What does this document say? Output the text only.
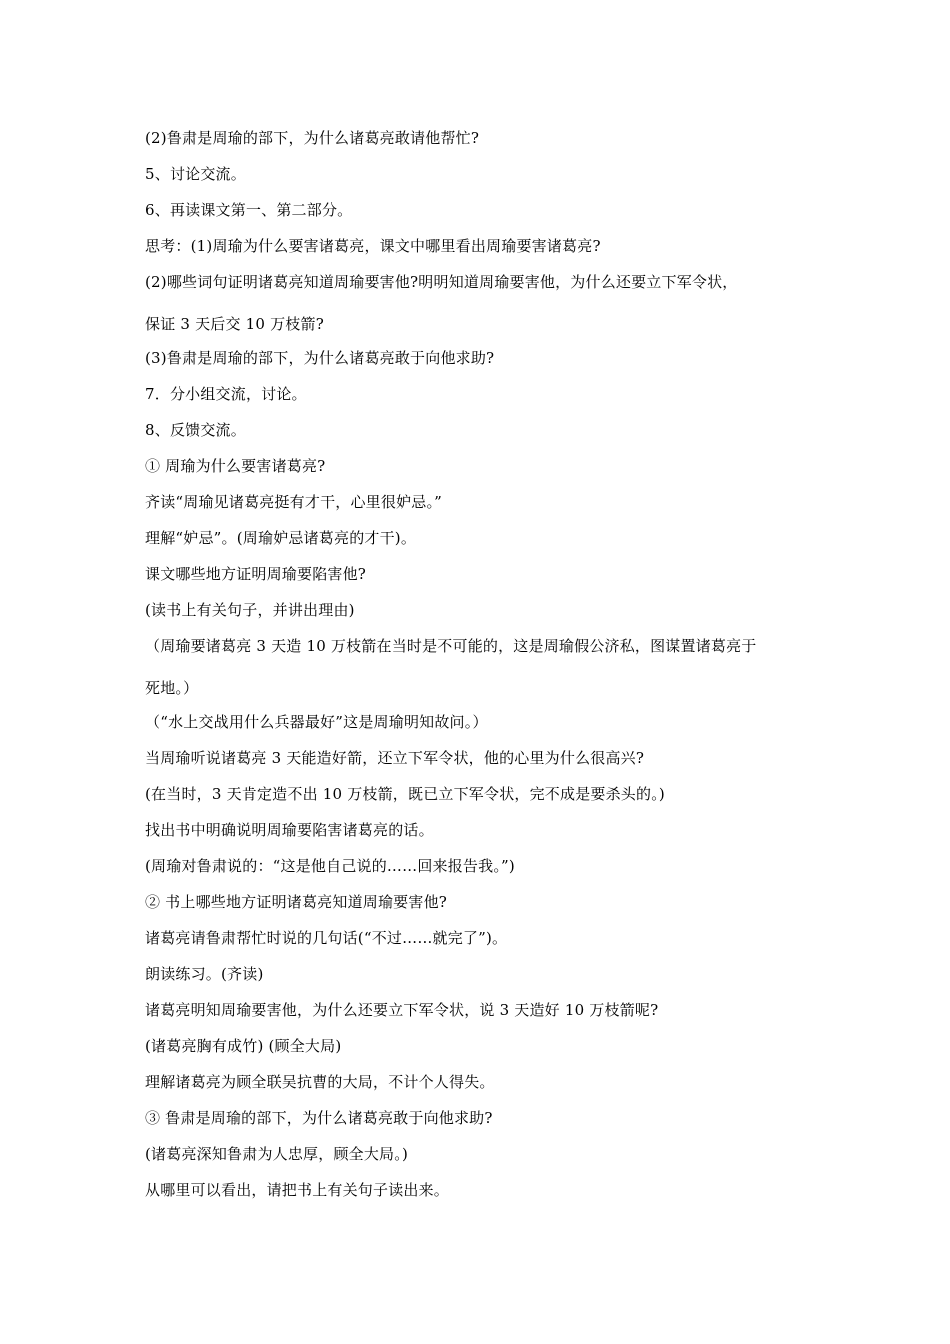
(2)鲁肃是周瑜的部下，为什么诸葛亮敢请他帮忙?
5、讨论交流。
6、再读课文第一、第二部分。
思考：(1)周瑜为什么要害诸葛亮，课文中哪里看出周瑜要害诸葛亮?
(2)哪些词句证明诸葛亮知道周瑜要害他?明明知道周瑜要害他，为什么还要立下军令状，
保证 3 天后交 10 万枝箭?
(3)鲁肃是周瑜的部下，为什么诸葛亮敢于向他求助?
7．分小组交流，讨论。
8、反馈交流。
① 周瑜为什么要害诸葛亮?
齐读“周瑜见诸葛亮挺有才干，心里很妒忌。”
理解“妒忌”。(周瑜妒忌诸葛亮的才干)。
课文哪些地方证明周瑜要陷害他?
(读书上有关句子，并讲出理由)
（周瑜要诸葛亮 3 天造 10 万枝箭在当时是不可能的，这是周瑜假公济私，图谋置诸葛亮于
死地。）
（“水上交战用什么兵器最好”这是周瑜明知故问。）
当周瑜听说诸葛亮 3 天能造好箭，还立下军令状，他的心里为什么很高兴?
(在当时，3 天肯定造不出 10 万枝箭，既已立下军令状，完不成是要杀头的。)
找出书中明确说明周瑜要陷害诸葛亮的话。
(周瑜对鲁肃说的：“这是他自己说的……回来报告我。”)
② 书上哪些地方证明诸葛亮知道周瑜要害他?
诸葛亮请鲁肃帮忙时说的几句话(“不过……就完了”)。
朗读练习。(齐读)
诸葛亮明知周瑜要害他，为什么还要立下军令状，说 3 天造好 10 万枝箭呢?
(诸葛亮胸有成竹) (顾全大局)
理解诸葛亮为顾全联吴抗曹的大局，不计个人得失。
③ 鲁肃是周瑜的部下，为什么诸葛亮敢于向他求助?
(诸葛亮深知鲁肃为人忠厚，顾全大局。)
从哪里可以看出，请把书上有关句子读出来。
